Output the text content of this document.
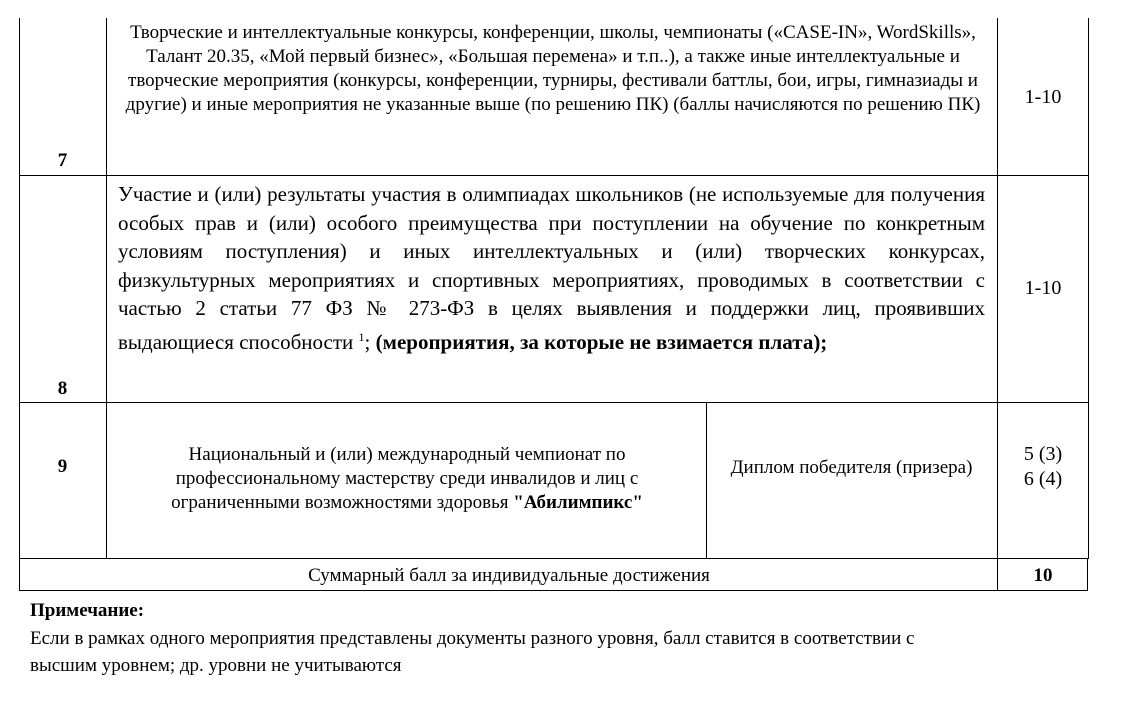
7
Творческие и интеллектуальные конкурсы, конференции, школы, чемпионаты («CASE-IN», WordSkills», Талант 20.35, «Мой первый бизнес», «Большая перемена» и т.п..), а также иные интеллектуальные и творческие мероприятия (конкурсы, конференции, турниры, фестивали баттлы, бои, игры, гимназиады и другие) и иные мероприятия не указанные выше (по решению ПК) (баллы начисляются по решению ПК)	1-10
8
Участие и (или) результаты участия в олимпиадах школьников (не используемые для получения особых прав и (или) особого преимущества при поступлении на обучение по конкретным условиям поступления) и иных интеллектуальных и (или) творческих конкурсах, физкультурных мероприятиях и спортивных мероприятиях, проводимых в соответствии с частью 2 статьи 77 ФЗ № 273-ФЗ в целях выявления и поддержки лиц, проявивших выдающиеся способности $^1$; (мероприятия, за которые не взимается плата);
1-10
9
Национальный и (или) международный чемпионат по профессиональному мастерству среди инвалидов и лиц с ограниченными возможностями здоровья "Абилимпикс"
Диплом победителя (призера)
5 (3)
6 (4)
Суммарный балл за индивидуальные достижения	10
Примечание:
Если в рамках одного мероприятия представлены документы разного уровня, балл ставится в соответствии с высшим уровнем; др. уровни не учитываются
